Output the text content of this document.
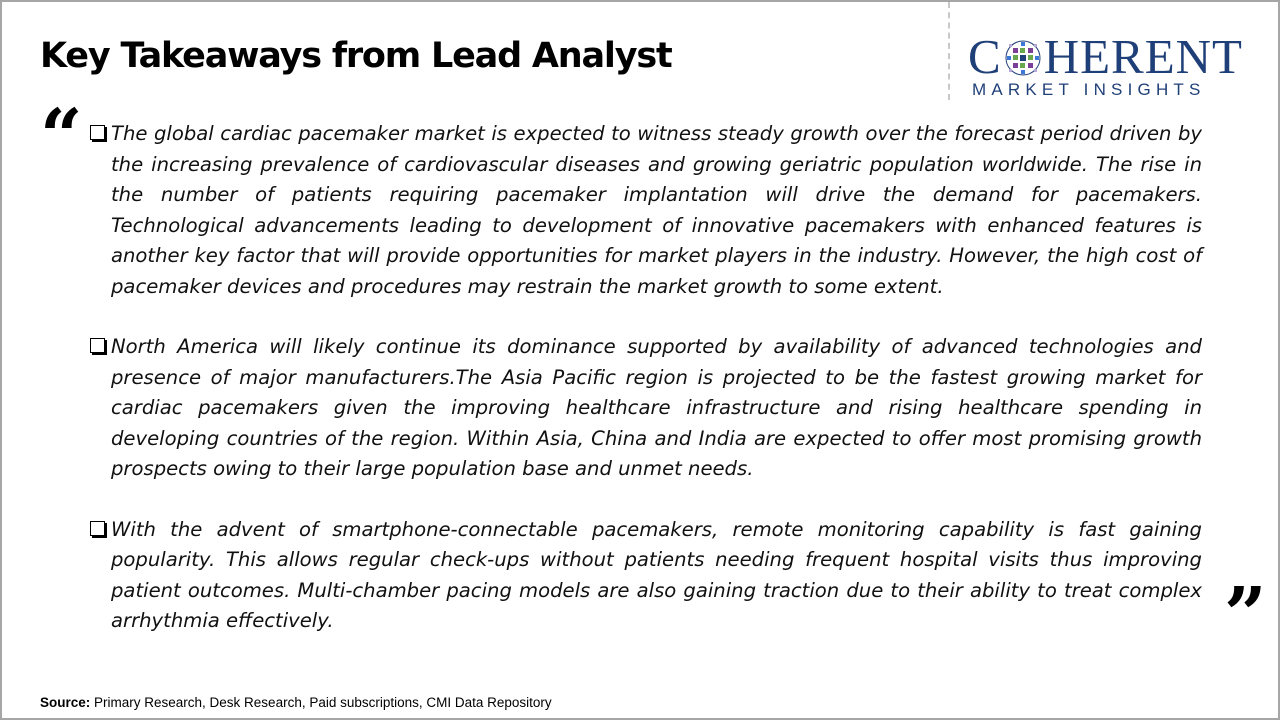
Key Takeaways from Lead Analyst	C HERENT
MARKET INSIGHTS
“
”
The global cardiac pacemaker market is expected to witness steady growth over the forecast period driven by the increasing prevalence of cardiovascular diseases and growing geriatric population worldwide. The rise in the number of patients requiring pacemaker implantation will drive the demand for pacemakers. Technological advancements leading to development of innovative pacemakers with enhanced features is another key factor that will provide opportunities for market players in the industry. However, the high cost of pacemaker devices and procedures may restrain the market growth to some extent.
North America will likely continue its dominance supported by availability of advanced technologies and presence of major manufacturers.The Asia Pacific region is projected to be the fastest growing market for cardiac pacemakers given the improving healthcare infrastructure and rising healthcare spending in developing countries of the region. Within Asia, China and India are expected to offer most promising growth prospects owing to their large population base and unmet needs.
With the advent of smartphone-connectable pacemakers, remote monitoring capability is fast gaining popularity. This allows regular check-ups without patients needing frequent hospital visits thus improving patient outcomes. Multi-chamber pacing models are also gaining traction due to their ability to treat complex arrhythmia effectively.
Source: Primary Research, Desk Research, Paid subscriptions, CMI Data Repository
